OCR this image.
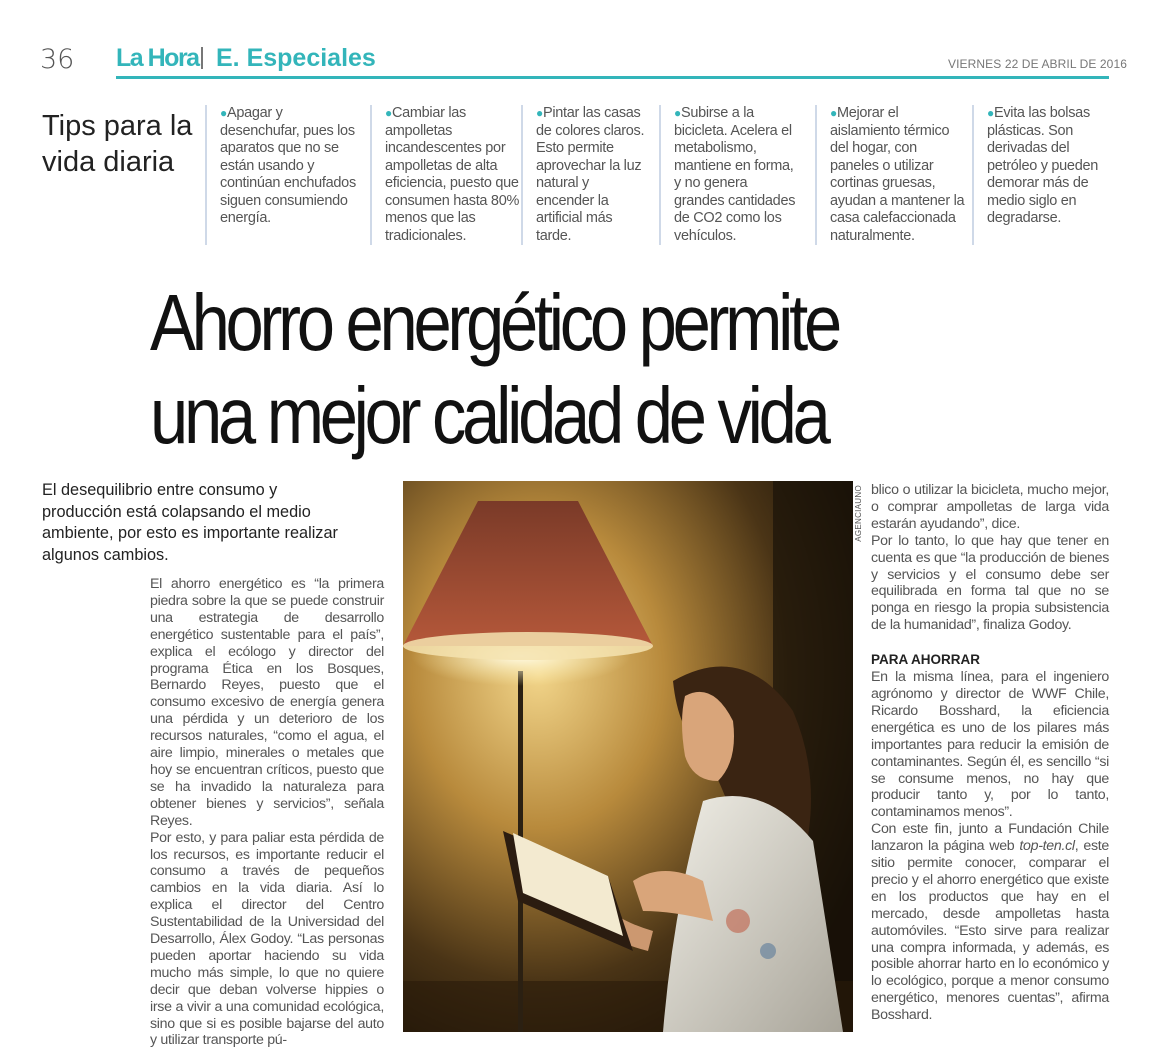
36 La Hora E. Especiales	VIERNES 22 DE ABRIL DE 2016
Tips para la
vida diaria
●Apagar y desenchufar, pues los aparatos que no se están usando y continúan enchufados siguen consumiendo energía.
●Cambiar las ampolletas incandescentes por ampolletas de alta eficiencia, puesto que consumen hasta 80% menos que las tradicionales.
●Pintar las casas de colores claros. Esto permite aprovechar la luz natural y encender la artificial más tarde.
●Subirse a la bicicleta. Acelera el metabolismo, mantiene en forma, y no genera grandes cantidades de CO2 como los vehículos.
●Mejorar el aislamiento térmico del hogar, con paneles o utilizar cortinas gruesas, ayudan a mantener la casa calefaccionada naturalmente.
●Evita las bolsas plásticas. Son derivadas del petróleo y pueden demorar más de medio siglo en degradarse.
Ahorro energético permite
una mejor calidad de vida
El desequilibrio entre consumo y producción está colapsando el medio ambiente, por esto es importante realizar algunos cambios.

El ahorro energético es “la primera piedra sobre la que se puede construir una estrategia de desarrollo energético sustentable para el país”, explica el ecólogo y director del programa Ética en los Bosques, Bernardo Reyes, puesto que el consumo excesivo de energía genera una pérdida y un deterioro de los recursos naturales, “como el agua, el aire limpio, minerales o metales que hoy se encuentran críticos, puesto que se ha invadido la naturaleza para obtener bienes y servicios”, señala Reyes.

Por esto, y para paliar esta pérdida de los recursos, es importante reducir el consumo a través de pequeños cambios en la vida diaria. Así lo explica el director del Centro Sustentabilidad de la Universidad del Desarrollo, Álex Godoy. “Las personas pueden aportar haciendo su vida mucho más simple, lo que no quiere decir que deban volverse hippies o irse a vivir a una comunidad ecológica, sino que si es posible bajarse del auto y utilizar transporte pú-

AGENCIAUNO blico o utilizar la bicicleta, mucho mejor, o comprar ampolletas de larga vida estarán ayudando”, dice.

Por lo tanto, lo que hay que tener en cuenta es que “la producción de bienes y servicios y el consumo debe ser equilibrada en forma tal que no se ponga en riesgo la propia subsistencia de la humanidad”, finaliza Godoy.

PARA AHORRAR

En la misma línea, para el ingeniero agrónomo y director de WWF Chile, Ricardo Bosshard, la eficiencia energética es uno de los pilares más importantes para reducir la emisión de contaminantes. Según él, es sencillo “si se consume menos, no hay que producir tanto y, por lo tanto, contaminamos menos”.

Con este fin, junto a Fundación Chile lanzaron la página web top-ten.cl, este sitio permite conocer, comparar el precio y el ahorro energético que existe en los productos que hay en el mercado, desde ampolletas hasta automóviles. “Esto sirve para realizar una compra informada, y además, es posible ahorrar harto en lo económico y lo ecológico, porque a menor consumo energético, menores cuentas”, afirma Bosshard.
